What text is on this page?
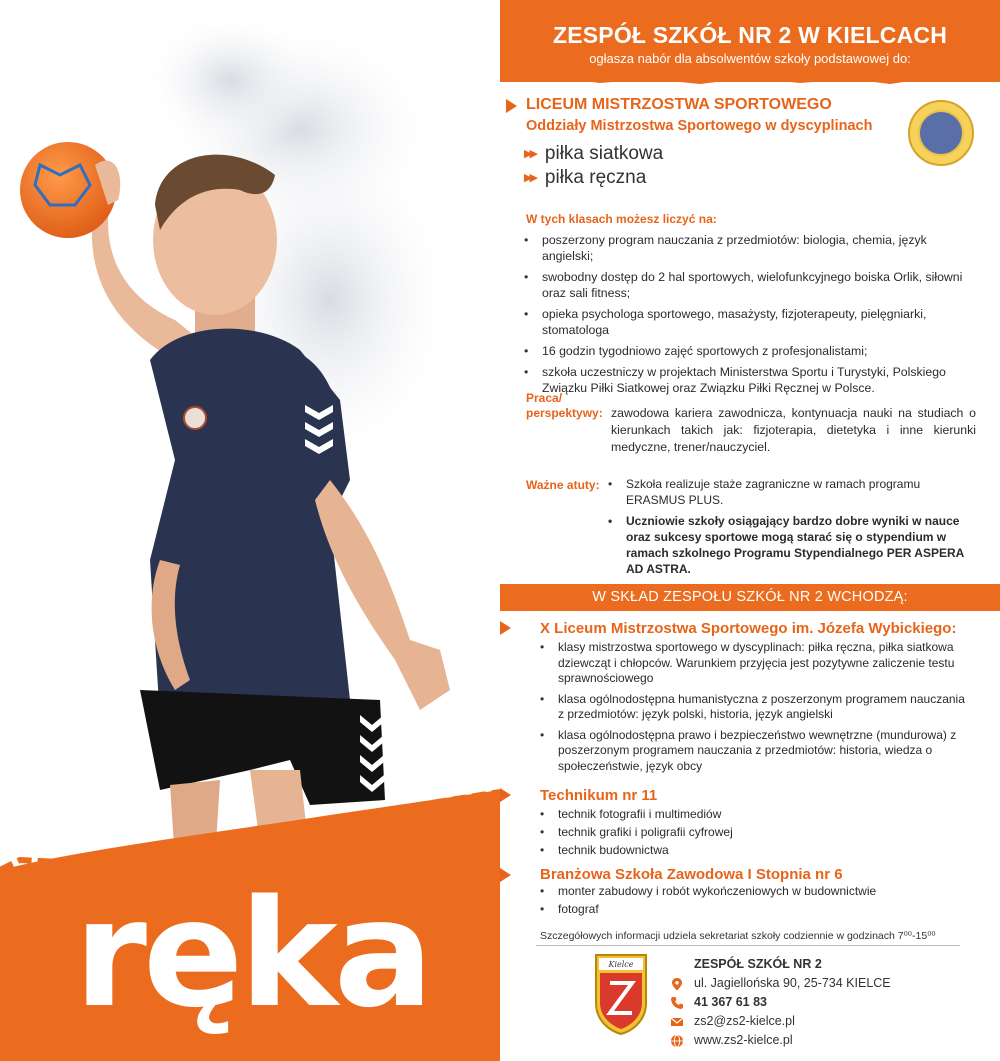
ręka
ZESPÓŁ SZKÓŁ NR 2 W KIELCACH
ogłasza nabór dla absolwentów szkoły podstawowej do:
LICEUM MISTRZOSTWA SPORTOWEGO
Oddziały Mistrzostwa Sportowego w dyscyplinach
▶▶ piłka siatkowa
▶▶ piłka ręczna
W tych klasach możesz liczyć na:
• poszerzony program nauczania z przedmiotów: biologia, chemia, język angielski;
• swobodny dostęp do 2 hal sportowych, wielofunkcyjnego boiska Orlik, siłowni oraz sali fitness;
• opieka psychologa sportowego, masażysty, fizjoterapeuty, pielęgniarki, stomatologa
• 16 godzin tygodniowo zajęć sportowych z profesjonalistami;
• szkoła uczestniczy w projektach Ministerstwa Sportu i Turystyki, Polskiego Związku Piłki Siatkowej oraz Związku Piłki Ręcznej w Polsce.
Praca/
perspektywy: zawodowa kariera zawodnicza, kontynuacja nauki na studiach o kierunkach takich jak: fizjoterapia, dietetyka i inne kierunki medyczne, trener/nauczyciel.
Ważne atuty:
•	Szkoła realizuje staże zagraniczne w ramach programu ERASMUS PLUS.
• Uczniowie szkoły osiągający bardzo dobre wyniki w nauce oraz sukcesy sportowe mogą starać się o stypendium w ramach szkolnego Programu Stypendialnego PER ASPERA AD ASTRA.
W SKŁAD ZESPOŁU SZKÓŁ NR 2 WCHODZĄ:
X Liceum Mistrzostwa Sportowego im. Józefa Wybickiego:
• klasy mistrzostwa sportowego w dyscyplinach: piłka ręczna, piłka siatkowa dziewcząt i chłopców. Warunkiem przyjęcia jest pozytywne zaliczenie testu sprawnościowego
• klasa ogólnodostępna humanistyczna z poszerzonym programem nauczania z przedmiotów: język polski, historia, język angielski
• klasa ogólnodostępna prawo i bezpieczeństwo wewnętrzne (mundurowa) z poszerzonym programem nauczania z przedmiotów: historia, wiedza o społeczeństwie, język obcy
Technikum nr 11
• technik fotografii i multimediów
• technik grafiki i poligrafii cyfrowej
• technik budownictwa
Branżowa Szkoła Zawodowa I Stopnia nr 6
• monter zabudowy i robót wykończeniowych w budownictwie
• fotograf
Szczegółowych informacji udziela sekretariat szkoły codziennie w godzinach 7⁰⁰-15⁰⁰
Kielce	ZESPÓŁ SZKÓŁ NR 2
ul. Jagiellońska 90, 25-734 KIELCE
41 367 61 83
zs2@zs2-kielce.pl
www.zs2-kielce.pl
